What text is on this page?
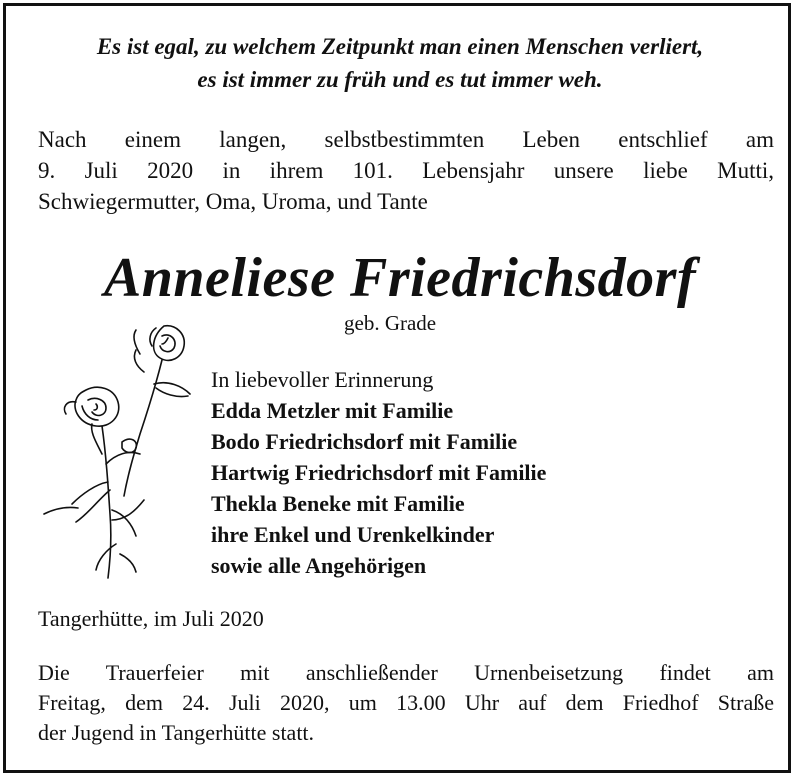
Es ist egal, zu welchem Zeitpunkt man einen Menschen verliert,
es ist immer zu früh und es tut immer weh.
Nach einem langen, selbstbestimmten Leben entschlief am
9. Juli 2020 in ihrem 101. Lebensjahr unsere liebe Mutti,
Schwiegermutter, Oma, Uroma, und Tante
Anneliese Friedrichsdorf
geb. Grade
In liebevoller Erinnerung
Edda Metzler mit Familie
Bodo Friedrichsdorf mit Familie
Hartwig Friedrichsdorf mit Familie
Thekla Beneke mit Familie
ihre Enkel und Urenkelkinder
sowie alle Angehörigen
Tangerhütte, im Juli 2020
Die Trauerfeier mit anschließender Urnenbeisetzung findet am
Freitag, dem 24. Juli 2020, um 13.00 Uhr auf dem Friedhof Straße
der Jugend in Tangerhütte statt.
